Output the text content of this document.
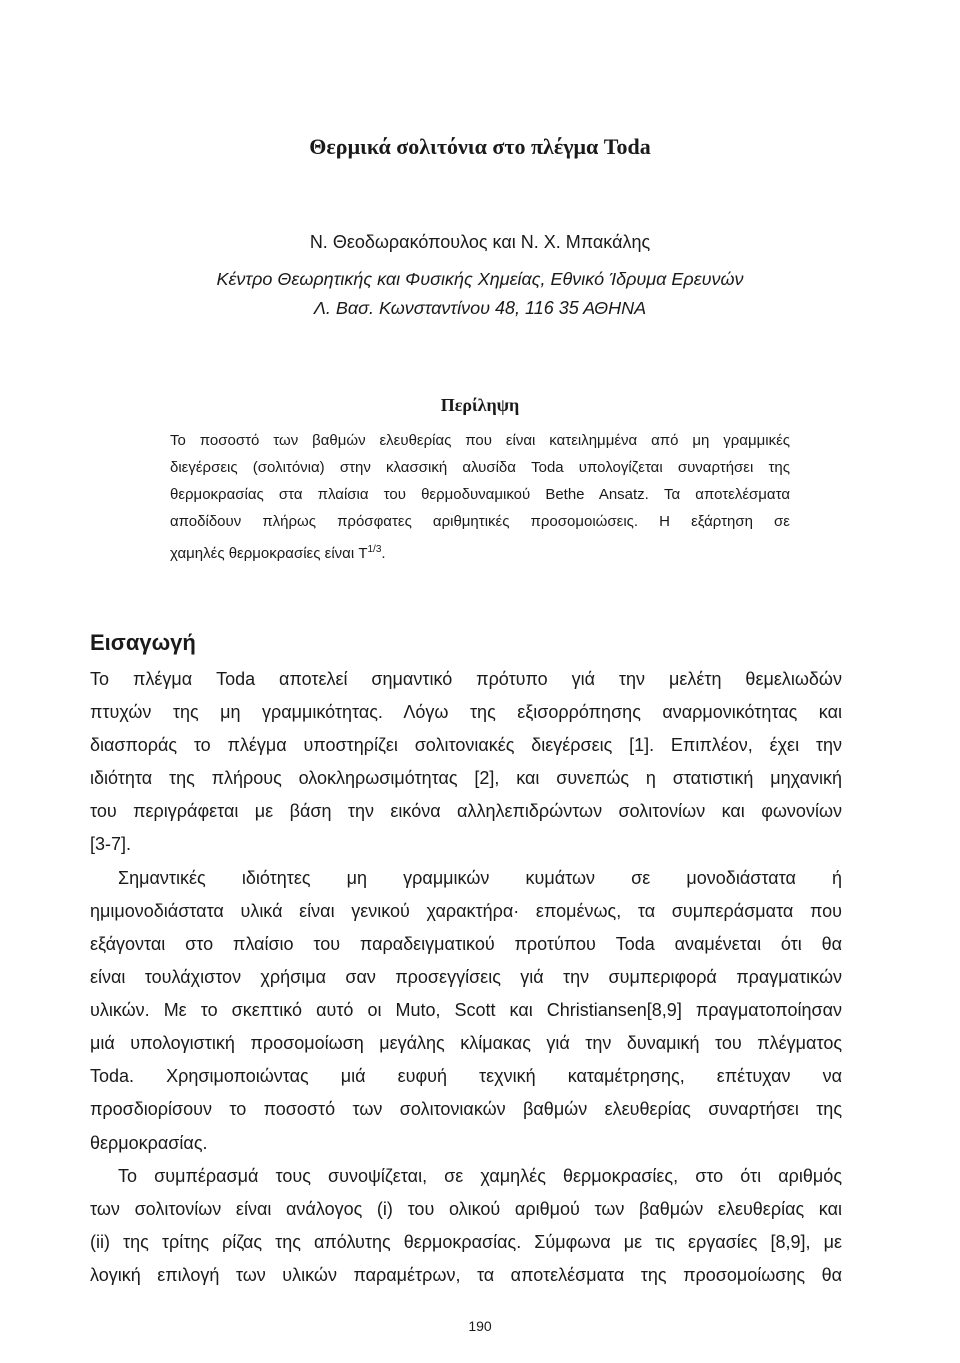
Θερμικά σολιτόνια στο πλέγμα Toda
Ν. Θεοδωρακόπουλος και Ν. Χ. Μπακάλης
Κέντρο Θεωρητικής και Φυσικής Χημείας, Εθνικό Ίδρυμα Ερευνών
Λ. Βασ. Κωνσταντίνου 48, 116 35 ΑΘΗΝΑ
Περίληψη
Το ποσοστό των βαθμών ελευθερίας που είναι κατειλημμένα από μη γραμμικές
διεγέρσεις (σολιτόνια) στην κλασσική αλυσίδα Toda υπολογίζεται συναρτήσει της
θερμοκρασίας στα πλαίσια του θερμοδυναμικού Bethe Ansatz. Τα αποτελέσματα
αποδίδουν πλήρως πρόσφατες αριθμητικές προσομοιώσεις. Η εξάρτηση σε
χαμηλές θερμοκρασίες είναι $T^{1/3}$.
Εισαγωγή
Το πλέγμα Toda αποτελεί σημαντικό πρότυπο γιά την μελέτη θεμελιωδών
πτυχών της μη γραμμικότητας. Λόγω της εξισορρόπησης αναρμονικότητας και
διασποράς το πλέγμα υποστηρίζει σολιτονιακές διεγέρσεις [1]. Επιπλέον, έχει την
ιδιότητα της πλήρους ολοκληρωσιμότητας [2], και συνεπώς η στατιστική μηχανική
του περιγράφεται με βάση την εικόνα αλληλεπιδρώντων σολιτονίων και φωνονίων
[3-7].
Σημαντικές ιδιότητες μη γραμμικών κυμάτων σε μονοδιάστατα ή
ημιμονοδιάστατα υλικά είναι γενικού χαρακτήρα· επομένως, τα συμπεράσματα που
εξάγονται στο πλαίσιο του παραδειγματικού προτύπου Toda αναμένεται ότι θα
είναι τουλάχιστον χρήσιμα σαν προσεγγίσεις γιά την συμπεριφορά πραγματικών
υλικών. Με το σκεπτικό αυτό οι Muto, Scott και Christiansen[8,9] πραγματοποίησαν
μιά υπολογιστική προσομοίωση μεγάλης κλίμακας γιά την δυναμική του πλέγματος
Toda. Χρησιμοποιώντας μιά ευφυή τεχνική καταμέτρησης, επέτυχαν να
προσδιορίσουν το ποσοστό των σολιτονιακών βαθμών ελευθερίας συναρτήσει της
θερμοκρασίας.
Το συμπέρασμά τους συνοψίζεται, σε χαμηλές θερμοκρασίες, στο ότι αριθμός
των σολιτονίων είναι ανάλογος (i) του ολικού αριθμού των βαθμών ελευθερίας και
(ii) της τρίτης ρίζας της απόλυτης θερμοκρασίας. Σύμφωνα με τις εργασίες [8,9], με
λογική επιλογή των υλικών παραμέτρων, τα αποτελέσματα της προσομοίωσης θα
190
